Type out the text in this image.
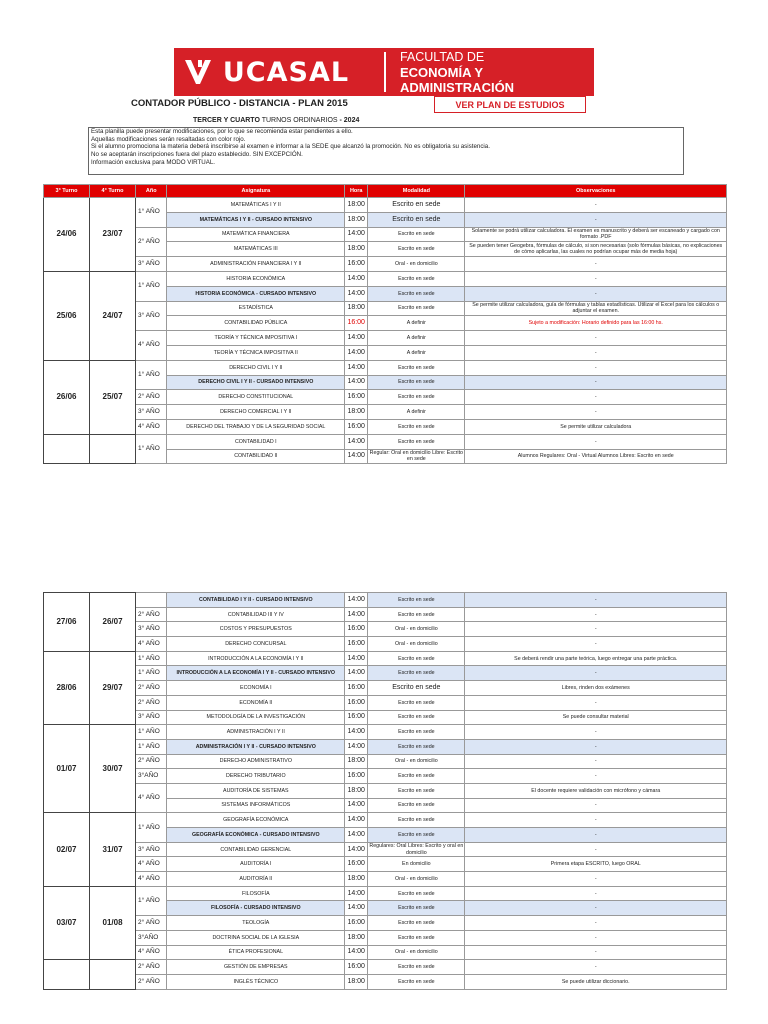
UCASAL	FACULTAD DE
ECONOMÍA Y ADMINISTRACIÓN
CONTADOR PÚBLICO - DISTANCIA - PLAN 2015	VER PLAN DE ESTUDIOS
TERCER Y CUARTO TURNOS ORDINARIOS - 2024
Esta planilla puede presentar modificaciones, por lo que se recomienda estar pendientes a ello.
Aquellas modificaciones serán resaltadas con color rojo.
Si el alumno promociona la materia deberá inscribirse al examen e informar a la SEDE que alcanzó la promoción. No es obligatoria su asistencia.
No se aceptarán inscripciones fuera del plazo establecido. SIN EXCEPCIÓN.
Información exclusiva para MODO VIRTUAL.
3° Turno	4° Turno	Año	Asignatura	Hora	Modalidad	Observaciones
24/06	23/07	1° AÑO	MATEMÁTICAS I Y II	18:00	Escrito en sede	-
			MATEMÁTICAS I Y II - CURSADO INTENSIVO	18:00	Escrito en sede	-
		2° AÑO	MATEMÁTICA FINANCIERA	14:00	Escrito en sede	Solamente se podrá utilizar calculadora. El examen es manuscrito y deberá ser escaneado y cargado con formato .PDF
			MATEMÁTICAS III	18:00	Escrito en sede	Se pueden tener Geogebra, fórmulas de cálculo, si son necesarias (solo fórmulas básicas, no explicaciones de cómo aplicarlas, las cuales no podrían ocupar más de media hoja)
		3° AÑO	ADMINISTRACIÓN FINANCIERA I Y II	16:00	Oral - en domicilio	-
25/06	24/07	1° AÑO	HISTORIA ECONÓMICA	14:00	Escrito en sede	-
			HISTORIA ECONÓMICA - CURSADO INTENSIVO	14:00	Escrito en sede	-
		3° AÑO	ESTADÍSTICA	18:00	Escrito en sede	Se permite utilizar calculadora, guía de fórmulas y tablas estadísticas. Utilizar el Excel para los cálculos o adjuntar el examen.
			CONTABILIDAD PÚBLICA	16:00	A definir	Sujeto a modificación: Horario definido para las 16:00 hs.
		4° AÑO	TEORÍA Y TÉCNICA IMPOSITIVA I	14:00	A definir	-
			TEORÍA Y TÉCNICA IMPOSITIVA II	14:00	A definir	-
26/06	25/07	1° AÑO	DERECHO CIVIL I Y II	14:00	Escrito en sede	-
			DERECHO CIVIL I Y II - CURSADO INTENSIVO	14:00	Escrito en sede	-
		2° AÑO	DERECHO CONSTITUCIONAL	16:00	Escrito en sede	-
		3° AÑO	DERECHO COMERCIAL I Y II	18:00	A definir	-
		4° AÑO	DERECHO DEL TRABAJO Y DE LA SEGURIDAD SOCIAL	16:00	Escrito en sede	Se permite utilizar calculadora
		1° AÑO	CONTABILIDAD I	14:00	Escrito en sede	-
			CONTABILIDAD II	14:00	Regular: Oral en domicilio Libre: Escrito en sede	Alumnos Regulares: Oral - Virtual Alumnos Libres: Escrito en sede
27/06	26/07		CONTABILIDAD I Y II - CURSADO INTENSIVO	14:00	Escrito en sede	-
		2° AÑO	CONTABILIDAD III Y IV	14:00	Escrito en sede	-
		3° AÑO	COSTOS Y PRESUPUESTOS	16:00	Oral - en domicilio	-
		4° AÑO	DERECHO CONCURSAL	16:00	Oral - en domicilio	-
28/06	29/07	1° AÑO	INTRODUCCIÓN A LA ECONOMÍA I Y II	14:00	Escrito en sede	Se deberá rendir una parte teórica, luego entregar una parte práctica.
		1° AÑO	INTRODUCCIÓN A LA ECONOMÍA I Y II - CURSADO INTENSIVO	14:00	Escrito en sede	-
		2° AÑO	ECONOMÍA I	16:00	Escrito en sede	Libres, rinden dos exámenes
		2° AÑO	ECONOMÍA II	16:00	Escrito en sede	-
		3° AÑO	METODOLOGÍA DE LA INVESTIGACIÓN	16:00	Escrito en sede	Se puede consultar material
01/07	30/07	1° AÑO	ADMINISTRACIÓN I Y II	14:00	Escrito en sede	-
		1° AÑO	ADMINISTRACIÓN I Y II - CURSADO INTENSIVO	14:00	Escrito en sede	-
		2° AÑO	DERECHO ADMINISTRATIVO	18:00	Oral - en domicilio	-
		3°AÑO	DERECHO TRIBUTARIO	16:00	Escrito en sede	-
		4° AÑO	AUDITORÍA DE SISTEMAS	18:00	Escrito en sede	El docente requiere validación con micrófono y cámara
			SISTEMAS INFORMÁTICOS	14:00	Escrito en sede	-
02/07	31/07	1° AÑO	GEOGRAFÍA ECONÓMICA	14:00	Escrito en sede	-
			GEOGRAFÍA ECONÓMICA - CURSADO INTENSIVO	14:00	Escrito en sede	-
		3° AÑO	CONTABILIDAD GERENCIAL	14:00	Regulares: Oral Libres: Escrito y oral en domicilio	-
		4° AÑO	AUDITORÍA I	16:00	En domicilio	Primera etapa ESCRITO, luego ORAL
		4° AÑO	AUDITORÍA II	18:00	Oral - en domicilio	-
03/07	01/08	1° AÑO	FILOSOFÍA	14:00	Escrito en sede	-
			FILOSOFÍA - CURSADO INTENSIVO	14:00	Escrito en sede	-
		2° AÑO	TEOLOGÍA	16:00	Escrito en sede	-
		3°AÑO	DOCTRINA SOCIAL DE LA IGLESIA	18:00	Escrito en sede	-
		4° AÑO	ÉTICA PROFESIONAL	14:00	Oral - en domicilio	-
		2° AÑO	GESTIÓN DE EMPRESAS	16:00	Escrito en sede	-
		2° AÑO	INGLÉS TÉCNICO	18:00	Escrito en sede	Se puede utilizar diccionario.
